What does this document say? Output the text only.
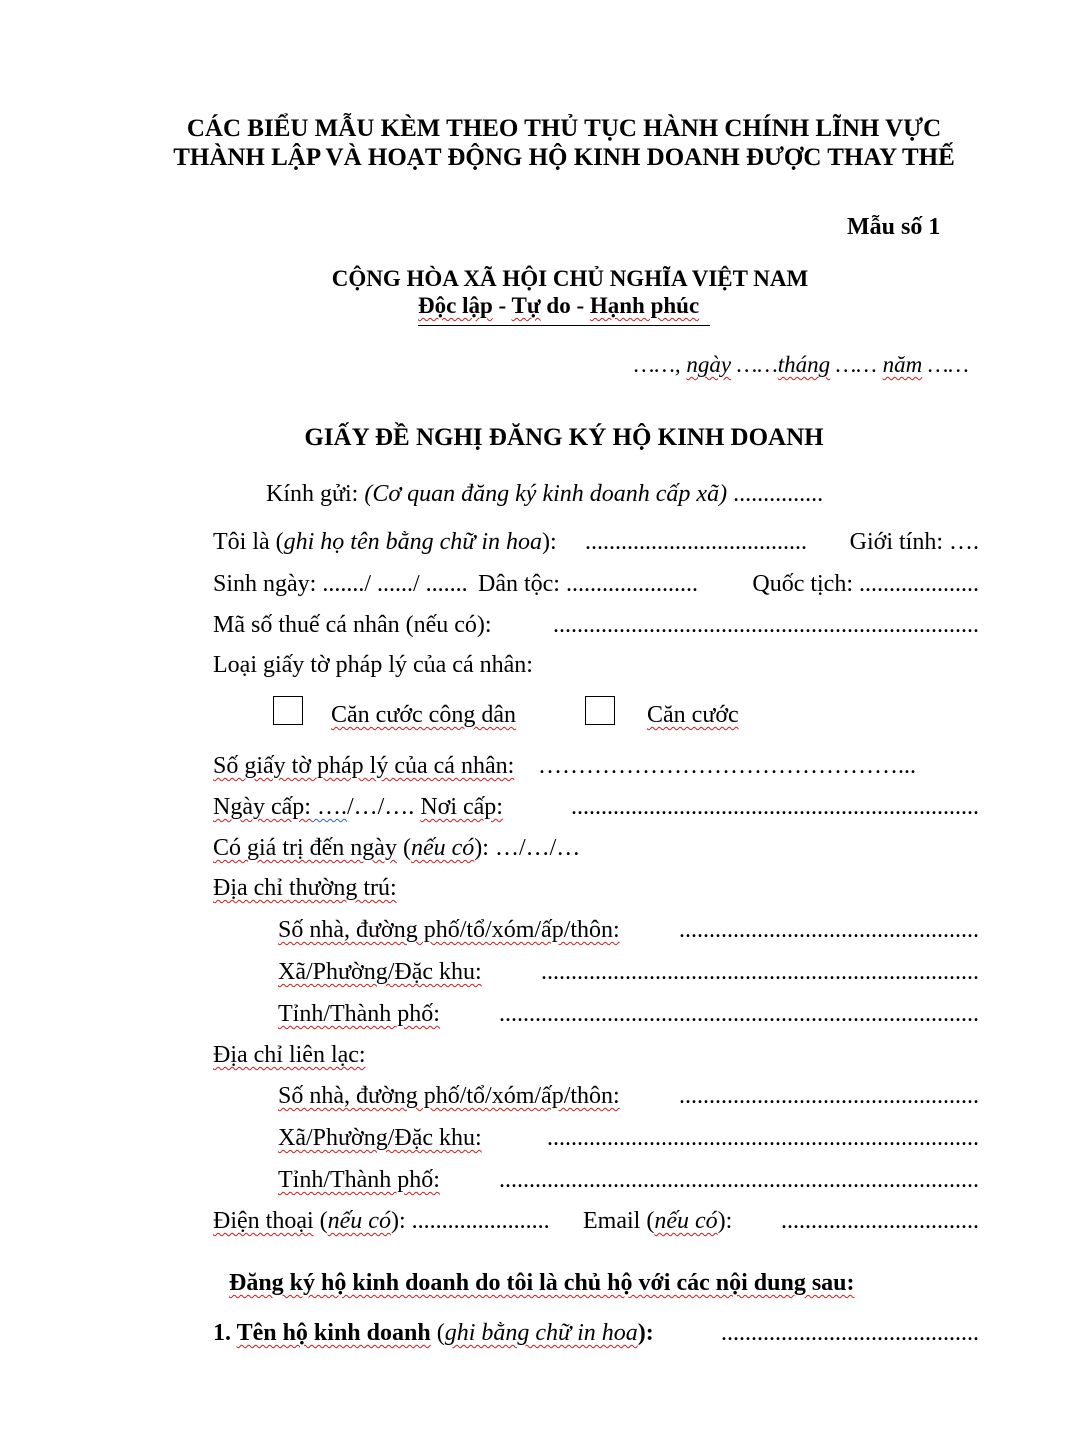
CÁC BIỂU MẪU KÈM THEO THỦ TỤC HÀNH CHÍNH LĨNH VỰC
THÀNH LẬP VÀ HOẠT ĐỘNG HỘ KINH DOANH ĐƯỢC THAY THẾ
Mẫu số 1
CỘNG HÒA XÃ HỘI CHỦ NGHĨA VIỆT NAM
Độc lập - Tự do - Hạnh phúc
……, ngày ……tháng …… năm ……
GIẤY ĐỀ NGHỊ ĐĂNG KÝ HỘ KINH DOANH
Kính gửi: (Cơ quan đăng ký kinh doanh cấp xã) ...............
Tôi là (ghi họ tên bằng chữ in hoa): ..................................... Giới tính: ….
Sinh ngày: ......./ ....../ ....... Dân tộc: ...................... Quốc tịch: ....................
Mã số thuế cá nhân (nếu có):	.......................................................................
Loại giấy tờ pháp lý của cá nhân:
Căn cước công dân	Căn cước
Số giấy tờ pháp lý của cá nhân: ………………………………………...
Ngày cấp: …./…/…. Nơi cấp:	....................................................................
Có giá trị đến ngày (nếu có): …/…/…
Địa chỉ thường trú:
Số nhà, đường phố/tổ/xóm/ấp/thôn: ..................................................
Xã/Phường/Đặc khu: .........................................................................
Tỉnh/Thành phố: ................................................................................
Địa chỉ liên lạc:
Số nhà, đường phố/tổ/xóm/ấp/thôn: ..................................................
Xã/Phường/Đặc khu:	........................................................................
Tỉnh/Thành phố: ................................................................................
Điện thoại (nếu có): ....................... Email (nếu có): .................................
Đăng ký hộ kinh doanh do tôi là chủ hộ với các nội dung sau:
1. Tên hộ kinh doanh (ghi bằng chữ in hoa):	...........................................
